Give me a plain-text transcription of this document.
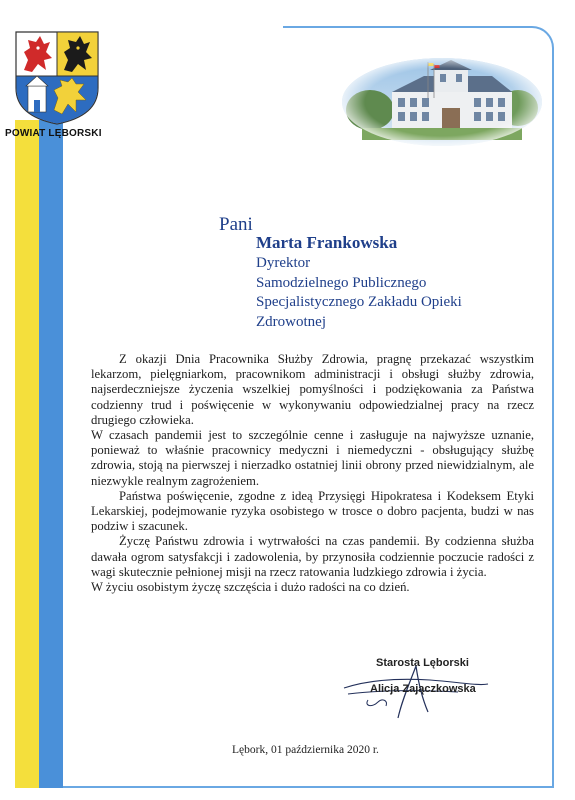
POWIAT LĘBORSKI
Pani
Marta Frankowska
Dyrektor
Samodzielnego Publicznego
Specjalistycznego Zakładu Opieki
Zdrowotnej

Z okazji Dnia Pracownika Służby Zdrowia, pragnę przekazać wszystkim lekarzom, pielęgniarkom, pracownikom administracji i obsługi służby zdrowia, najserdeczniejsze życzenia wszelkiej pomyślności i podziękowania za Państwa codzienny trud i poświęcenie w wykonywaniu odpowiedzialnej pracy na rzecz drugiego człowieka.

W czasach pandemii jest to szczególnie cenne i zasługuje na najwyższe uznanie, ponieważ to właśnie pracownicy medyczni i niemedyczni - obsługujący służbę zdrowia, stoją na pierwszej i nierzadko ostatniej linii obrony przed niewidzialnym, ale niezwykle realnym zagrożeniem.

Państwa poświęcenie, zgodne z ideą Przysięgi Hipokratesa i Kodeksem Etyki Lekarskiej, podejmowanie ryzyka osobistego w trosce o dobro pacjenta, budzi w nas podziw i szacunek.

Życzę Państwu zdrowia i wytrwałości na czas pandemii. By codzienna służba dawała ogrom satysfakcji i zadowolenia, by przynosiła codziennie poczucie radości z wagi skutecznie pełnionej misji na rzecz ratowania ludzkiego zdrowia i życia.

W życiu osobistym życzę szczęścia i dużo radości na co dzień.

Starosta Lęborski
Alicja Zajączkowska
Lębork, 01 października 2020 r.
